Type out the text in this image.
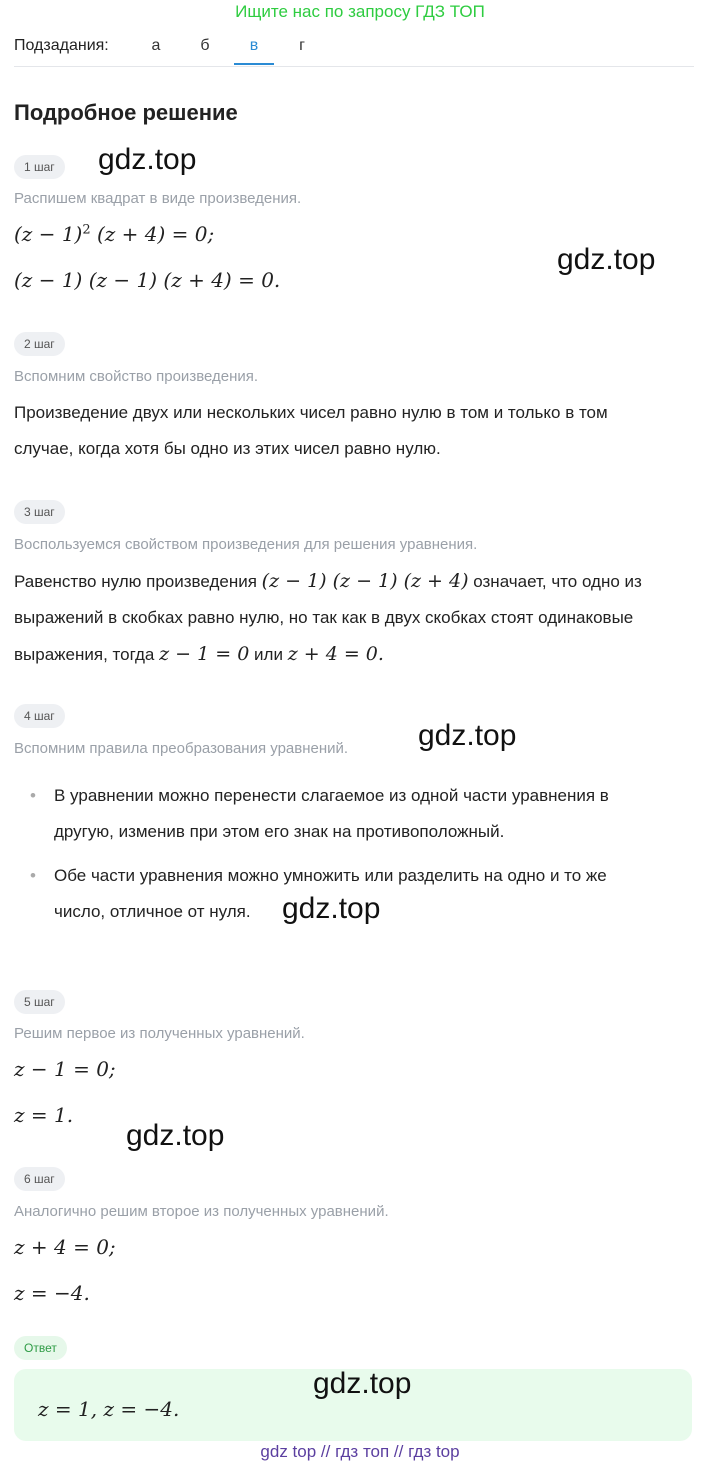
Ищите нас по запросу ГДЗ ТОП
Подзадания:	а	б	в	г
Подробное решение
1 шаг	gdz.top
Распишем квадрат в виде произведения.
$(z - 1)^2$ (z + 4) = 0;
(z − 1) (z − 1) (z + 4) = 0.
gdz.top
2 шаг
Вспомним свойство произведения.
Произведение двух или нескольких чисел равно нулю в том и только в том
случае, когда хотя бы одно из этих чисел равно нулю.
3 шаг
Воспользуемся свойством произведения для решения уравнения.
Равенство нулю произведения (z − 1) (z − 1) (z + 4) означает, что одно из
выражений в скобках равно нулю, но так как в двух скобках стоят одинаковые
выражения, тогда z − 1 = 0 или z + 4 = 0.
4 шаг
Вспомним правила преобразования уравнений. gdz.top
•	В уравнении можно перенести слагаемое из одной части уравнения в
другую, изменив при этом его знак на противоположный.
•	Обе части уравнения можно умножить или разделить на одно и то же
число, отличное от нуля.	gdz.top
5 шаг
Решим первое из полученных уравнений.
z − 1 = 0;
z = 1.
gdz.top
6 шаг
Аналогично решим второе из полученных уравнений.
z + 4 = 0;
z = −4.
Ответ
z = 1, z = −4.
gdz.top
gdz top // гдз топ // гдз top
